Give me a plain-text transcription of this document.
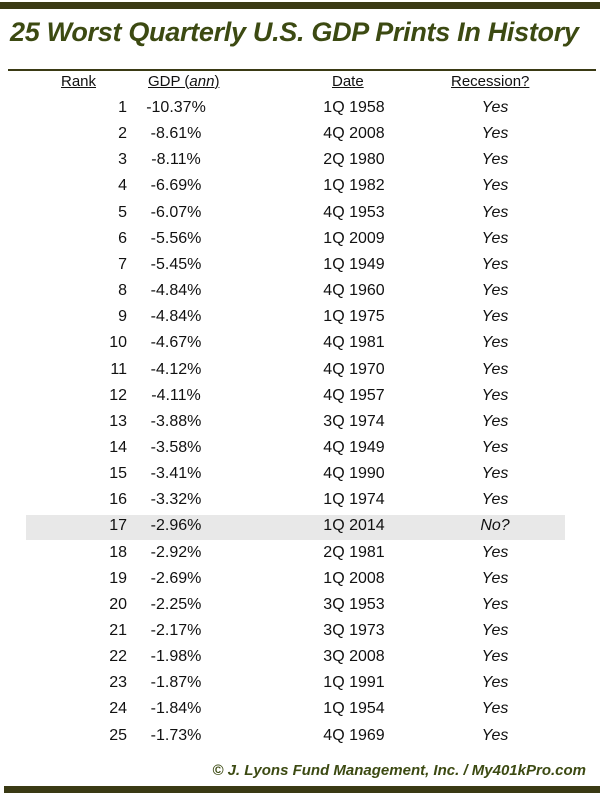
25 Worst Quarterly U.S. GDP Prints In History
Rank	GDP (ann)	Date	Recession?
1	-10.37%	1Q 1958	Yes
2	-8.61%	4Q 2008	Yes
3	-8.11%	2Q 1980	Yes
4	-6.69%	1Q 1982	Yes
5	-6.07%	4Q 1953	Yes
6	-5.56%	1Q 2009	Yes
7	-5.45%	1Q 1949	Yes
8	-4.84%	4Q 1960	Yes
9	-4.84%	1Q 1975	Yes
10	-4.67%	4Q 1981	Yes
11	-4.12%	4Q 1970	Yes
12	-4.11%	4Q 1957	Yes
13	-3.88%	3Q 1974	Yes
14	-3.58%	4Q 1949	Yes
15	-3.41%	4Q 1990	Yes
16	-3.32%	1Q 1974	Yes
17	-2.96%	1Q 2014	No?
18	-2.92%	2Q 1981	Yes
19	-2.69%	1Q 2008	Yes
20	-2.25%	3Q 1953	Yes
21	-2.17%	3Q 1973	Yes
22	-1.98%	3Q 2008	Yes
23	-1.87%	1Q 1991	Yes
24	-1.84%	1Q 1954	Yes
25	-1.73%	4Q 1969	Yes
© J. Lyons Fund Management, Inc. / My401kPro.com
